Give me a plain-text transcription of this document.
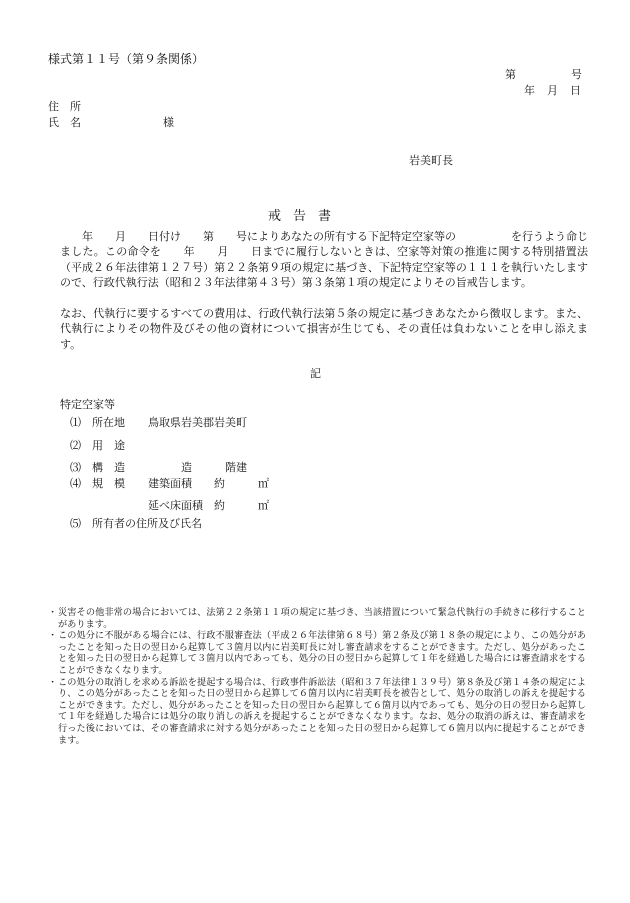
様式第１１号（第９条関係）
第	号
年 月 日
住　所
氏　名	様
岩美町長
戒告書
　　年　　月　　日付け　　第　　号によりあなたの所有する下記特定空家等の　　　　　を行うよう命じました。この命令を　　年　　月　　日までに履行しないときは、空家等対策の推進に関する特別措置法（平成２６年法律第１２７号）第２２条第９項の規定に基づき、下記特定空家等の１１１を執行いたしますので、行政代執行法（昭和２３年法律第４３号）第３条第１項の規定によりその旨戒告します。
なお、代執行に要するすべての費用は、行政代執行法第５条の規定に基づきあなたから徴収します。また、代執行によりその物件及びその他の資材について損害が生じても、その責任は負わないことを申し添えます。
記
特定空家等
⑴ 所在地 鳥取県岩美郡岩美町
⑵ 用　途
⑶ 構　造 　　　造　　　階建
⑷ 規　模 建築面積　　約　　　㎡
延べ床面積　約　　　㎡
⑸ 所有者の住所及び氏名
・ 災害その他非常の場合においては、法第２２条第１１項の規定に基づき、当該措置について緊急代執行の手続きに移行することがあります。
・ この処分に不服がある場合には、行政不服審査法（平成２６年法律第６８号）第２条及び第１８条の規定により、この処分があったことを知った日の翌日から起算して３箇月以内に岩美町長に対し審査請求をすることができます。ただし、処分があったことを知った日の翌日から起算して３箇月以内であっても、処分の日の翌日から起算して１年を経過した場合には審査請求をすることができなくなります。
・ この処分の取消しを求める訴訟を提起する場合は、行政事件訴訟法（昭和３７年法律１３９号）第８条及び第１４条の規定により、この処分があったことを知った日の翌日から起算して６箇月以内に岩美町長を被告として、処分の取消しの訴えを提起することができます。ただし、処分があったことを知った日の翌日から起算して６箇月以内であっても、処分の日の翌日から起算して１年を経過した場合には処分の取り消しの訴えを提起することができなくなります。なお、処分の取消の訴えは、審査請求を行った後においては、その審査請求に対する処分があったことを知った日の翌日から起算して６箇月以内に提起することができます。
